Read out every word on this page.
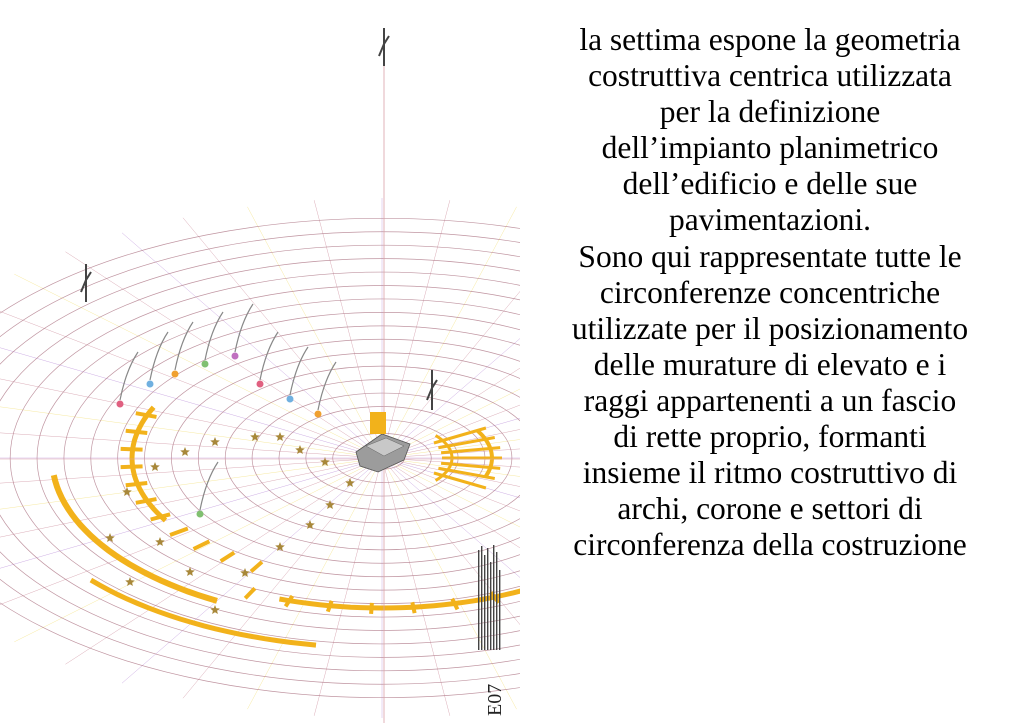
E07
la settima espone la geometria
costruttiva centrica utilizzata
per la definizione
dell’impianto planimetrico
dell’edificio e delle sue
pavimentazioni.
Sono qui rappresentate tutte le
circonferenze concentriche
utilizzate per il posizionamento
delle murature di elevato e i
raggi appartenenti a un fascio
di rette proprio, formanti
insieme il ritmo costruttivo di
archi, corone e settori di
circonferenza della costruzione
